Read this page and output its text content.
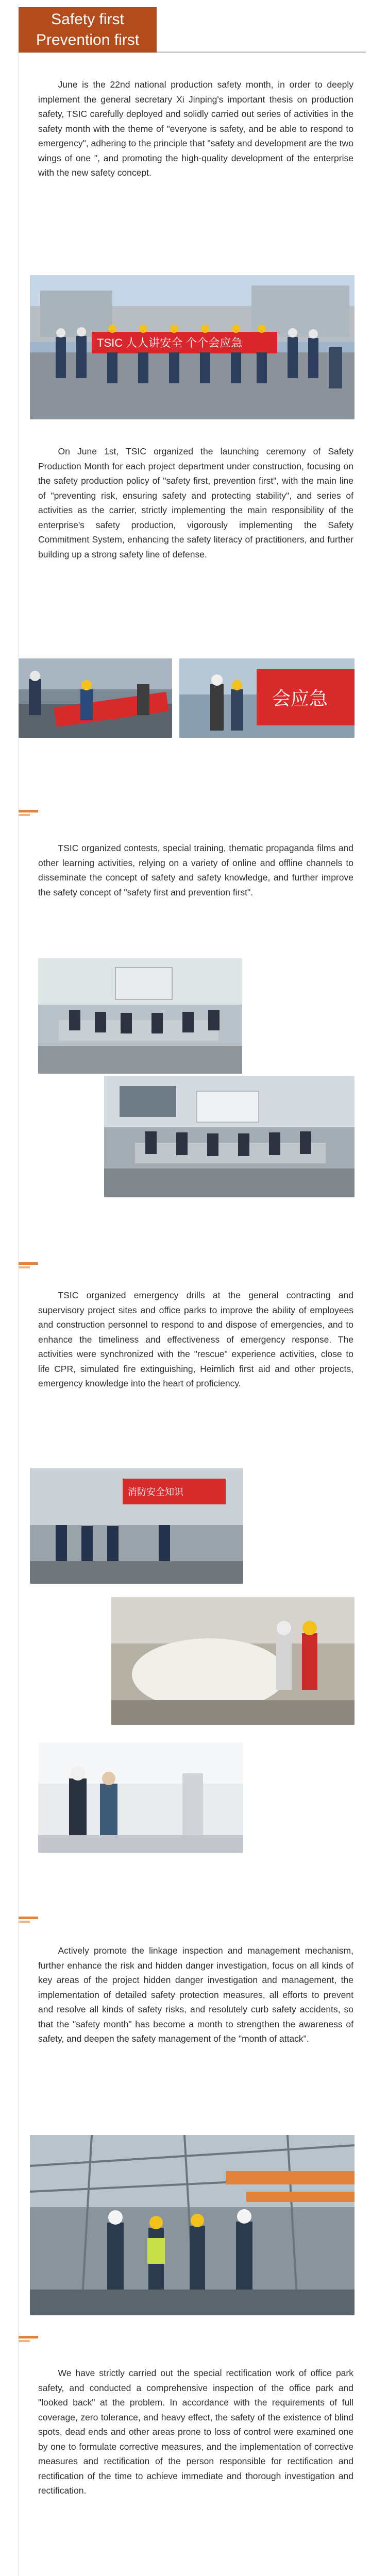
Safety first
Prevention first

June is the 22nd national production safety month, in order to deeply implement the general secretary Xi Jinping's important thesis on production safety, TSIC carefully deployed and solidly carried out series of activities in the safety month with the theme of "everyone is safety, and be able to respond to emergency", adhering to the principle that "safety and development are the two wings of one ", and promoting the high-quality development of the enterprise with the new safety concept.

TSIC 人人讲安全 个个会应急

On June 1st, TSIC organized the launching ceremony of Safety Production Month for each project department under construction, focusing on the safety production policy of "safety first, prevention first", with the main line of "preventing risk, ensuring safety and protecting stability", and series of activities as the carrier, strictly implementing the main responsibility of the enterprise's safety production, vigorously implementing the Safety Commitment System, enhancing the safety literacy of practitioners, and further building up a strong safety line of defense.

会应急

TSIC organized contests, special training, thematic propaganda films and other learning activities, relying on a variety of online and offline channels to disseminate the concept of safety and safety knowledge, and further improve the safety concept of "safety first and prevention first".

TSIC organized emergency drills at the general contracting and supervisory project sites and office parks to improve the ability of employees and construction personnel to respond to and dispose of emergencies, and to enhance the timeliness and effectiveness of emergency response. The activities were synchronized with the "rescue" experience activities, close to life CPR, simulated fire extinguishing, Heimlich first aid and other projects, emergency knowledge into the heart of proficiency.

消防安全知识

Actively promote the linkage inspection and management mechanism, further enhance the risk and hidden danger investigation, focus on all kinds of key areas of the project hidden danger investigation and management, the implementation of detailed safety protection measures, all efforts to prevent and resolve all kinds of safety risks, and resolutely curb safety accidents, so that the "safety month" has become a month to strengthen the awareness of safety, and deepen the safety management of the "month of attack".

We have strictly carried out the special rectification work of office park safety, and conducted a comprehensive inspection of the office park and "looked back" at the problem. In accordance with the requirements of full coverage, zero tolerance, and heavy effect, the safety of the existence of blind spots, dead ends and other areas prone to loss of control were examined one by one to formulate corrective measures, and the implementation of corrective measures and rectification of the person responsible for rectification and rectification of the time to achieve immediate and thorough investigation and rectification.
